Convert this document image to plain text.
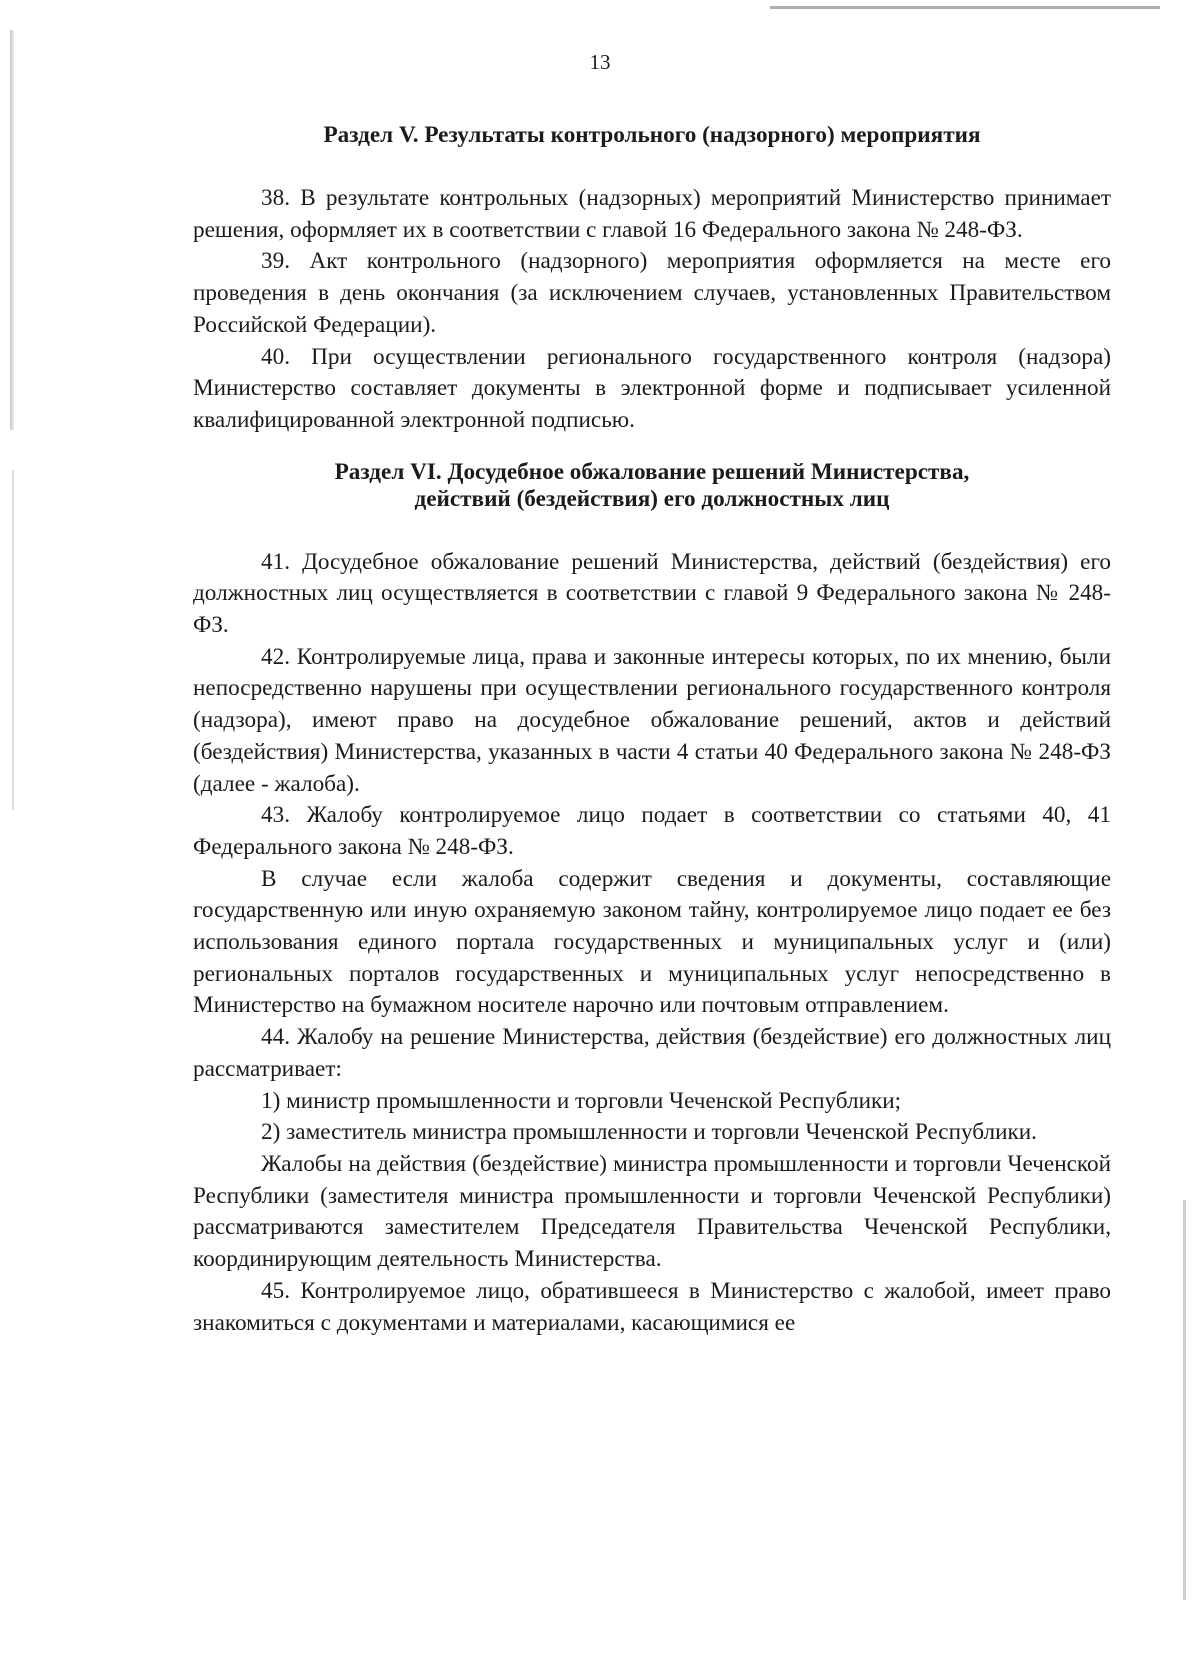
13
Раздел V. Результаты контрольного (надзорного) мероприятия

38. В результате контрольных (надзорных) мероприятий Министерство принимает решения, оформляет их в соответствии с главой 16 Федерального закона № 248-ФЗ.

39. Акт контрольного (надзорного) мероприятия оформляется на месте его проведения в день окончания (за исключением случаев, установленных Правительством Российской Федерации).

40. При осуществлении регионального государственного контроля (надзора) Министерство составляет документы в электронной форме и подписывает усиленной квалифицированной электронной подписью.

Раздел VI. Досудебное обжалование решений Министерства,
действий (бездействия) его должностных лиц

41. Досудебное обжалование решений Министерства, действий (бездействия) его должностных лиц осуществляется в соответствии с главой 9 Федерального закона № 248-ФЗ.

42. Контролируемые лица, права и законные интересы которых, по их мнению, были непосредственно нарушены при осуществлении регионального государственного контроля (надзора), имеют право на досудебное обжалование решений, актов и действий (бездействия) Министерства, указанных в части 4 статьи 40 Федерального закона № 248-ФЗ (далее - жалоба).

43. Жалобу контролируемое лицо подает в соответствии со статьями 40, 41 Федерального закона № 248-ФЗ.

В случае если жалоба содержит сведения и документы, составляющие государственную или иную охраняемую законом тайну, контролируемое лицо подает ее без использования единого портала государственных и муниципальных услуг и (или) региональных порталов государственных и муниципальных услуг непосредственно в Министерство на бумажном носителе нарочно или почтовым отправлением.

44. Жалобу на решение Министерства, действия (бездействие) его должностных лиц рассматривает:

1) министр промышленности и торговли Чеченской Республики;

2) заместитель министра промышленности и торговли Чеченской Республики.

Жалобы на действия (бездействие) министра промышленности и торговли Чеченской Республики (заместителя министра промышленности и торговли Чеченской Республики) рассматриваются заместителем Председателя Правительства Чеченской Республики, координирующим деятельность Министерства.

45. Контролируемое лицо, обратившееся в Министерство с жалобой, имеет право знакомиться с документами и материалами, касающимися ее
